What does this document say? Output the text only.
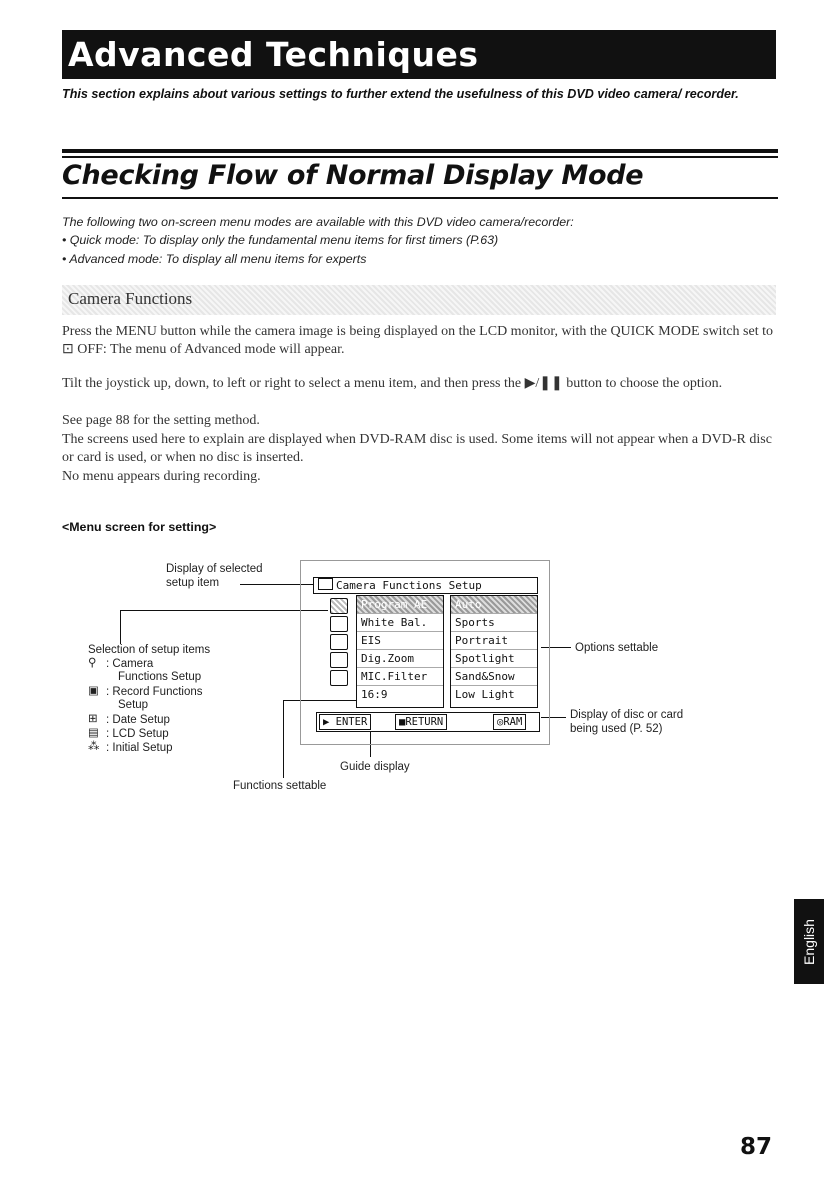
Advanced Techniques
This section explains about various settings to further extend the usefulness of this DVD video camera/ recorder.
Checking Flow of Normal Display Mode
The following two on-screen menu modes are available with this DVD video camera/recorder:
• Quick mode: To display only the fundamental menu items for first timers (P.63)
• Advanced mode: To display all menu items for experts
Camera Functions
Press the MENU button while the camera image is being displayed on the LCD monitor, with the QUICK MODE switch set to ⊡ OFF: The menu of Advanced mode will appear.
Tilt the joystick up, down, to left or right to select a menu item, and then press the ▶/❚❚ button to choose the option.
See page 88 for the setting method.
The screens used here to explain are displayed when DVD-RAM disc is used. Some items will not appear when a DVD-R disc or card is used, or when no disc is inserted.
No menu appears during recording.
<Menu screen for setting>
Display of selected
setup item
Selection of setup items
⚲ : Camera
Functions Setup
▣ : Record Functions
Setup
⊞ : Date Setup
▤ : LCD Setup
⁂ : Initial Setup
Options settable
Display of disc or card
being used (P. 52)
Guide display
Functions settable
Camera Functions Setup
Program AE
White Bal.
EIS
Dig.Zoom
MIC.Filter
16:9
Auto
Sports
Portrait
Spotlight
Sand&Snow
Low Light
▶ ENTER	■RETURN	◎RAM
English
87
